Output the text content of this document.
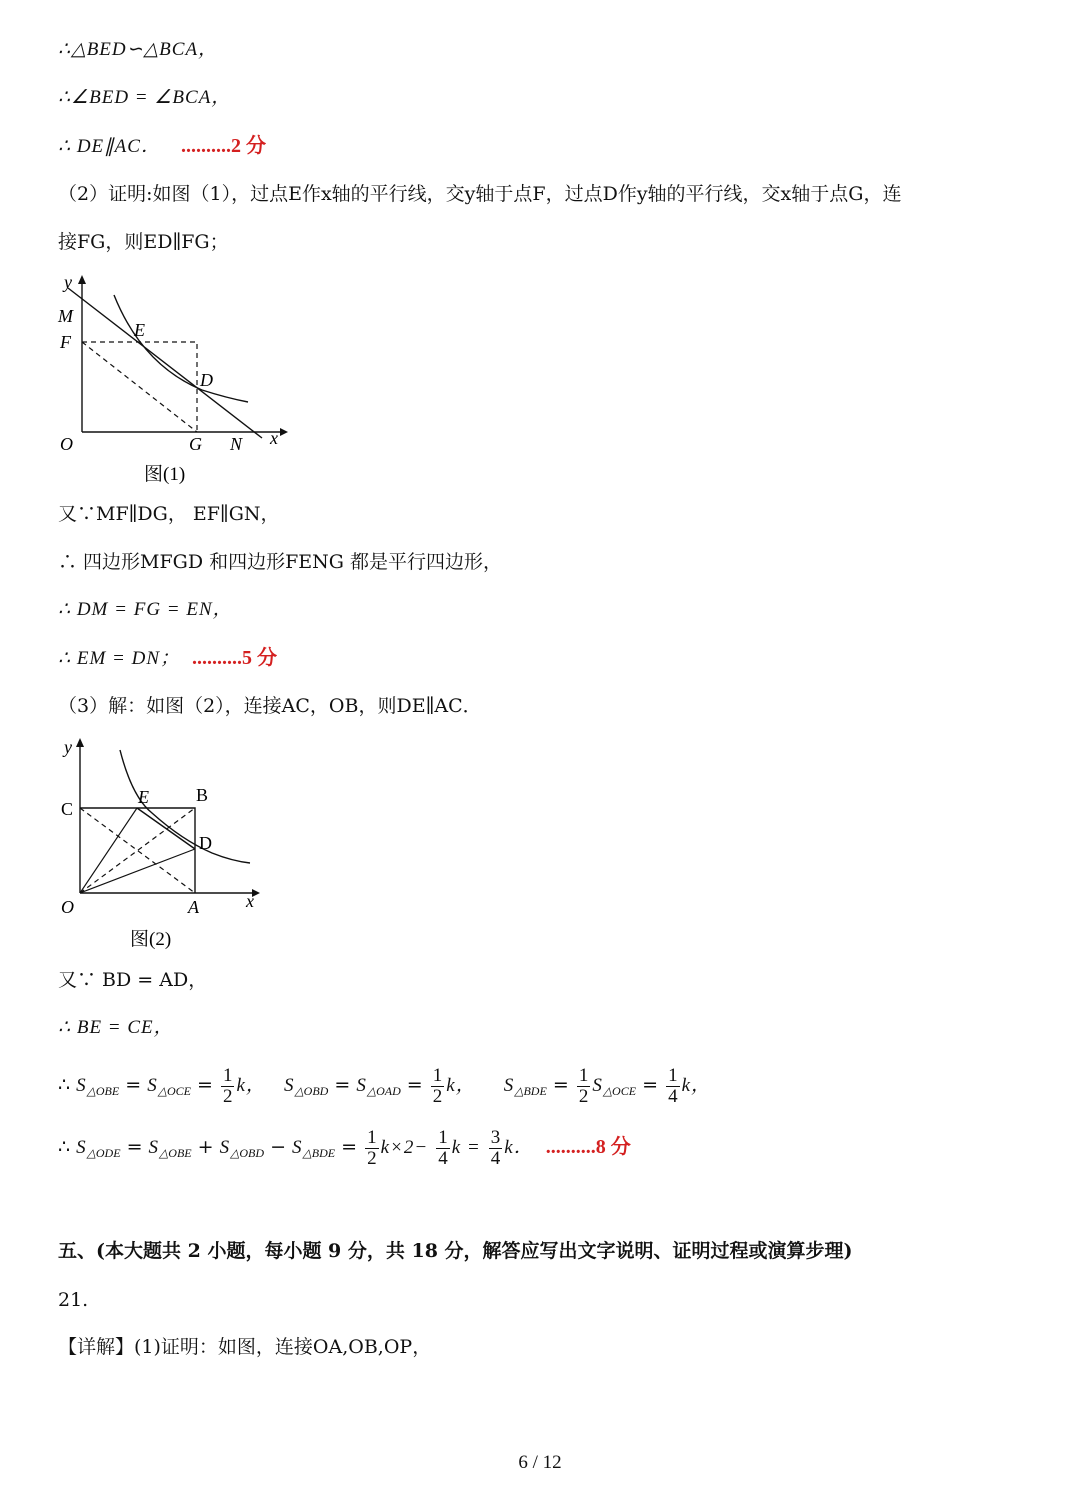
∴△BED∽△BCA，
∴∠BED = ∠BCA，
∴ DE∥AC． ..........2 分
（2）证明:如图（1），过点E作x轴的平行线，交y轴于点F，过点D作y轴的平行线，交x轴于点G，连
接FG，则ED∥FG；
y
M
F
E
D
O	G N x
图(1)
又∵MF∥DG， EF∥GN，
∴ 四边形MFGD 和四边形FENG 都是平行四边形，
∴ DM = FG = EN，
∴ EM = DN； ..........5 分
（3）解：如图（2），连接AC，OB，则DE∥AC．
y
C
E	B
D
O	A	x
图(2)
又∵ BD = AD，
∴ BE = CE，
∴ $S_{\triangle OBE} = S_{\triangle OCE} = \frac{1}{2}$ k， $S_{\triangle OBD} = S_{\triangle OAD} = \frac{1}{2}$ k， $S_{\triangle BDE} = \frac{1}{2} S_{\triangle OCE} = \frac{1}{4}$ k，
∴ $S_{\triangle ODE} = S_{\triangle OBE} + S_{\triangle OBD} - S_{\triangle BDE} = \frac{1}{2} k\times 2- \frac{1}{4}$ $k = \frac{3}{4}$ k． ..........8 分
五、(本大题共 2 小题，每小题 9 分，共 18 分，解答应写出文字说明、证明过程或演算步理)
21.
【详解】(1)证明：如图，连接OA,OB,OP，
6 / 12
